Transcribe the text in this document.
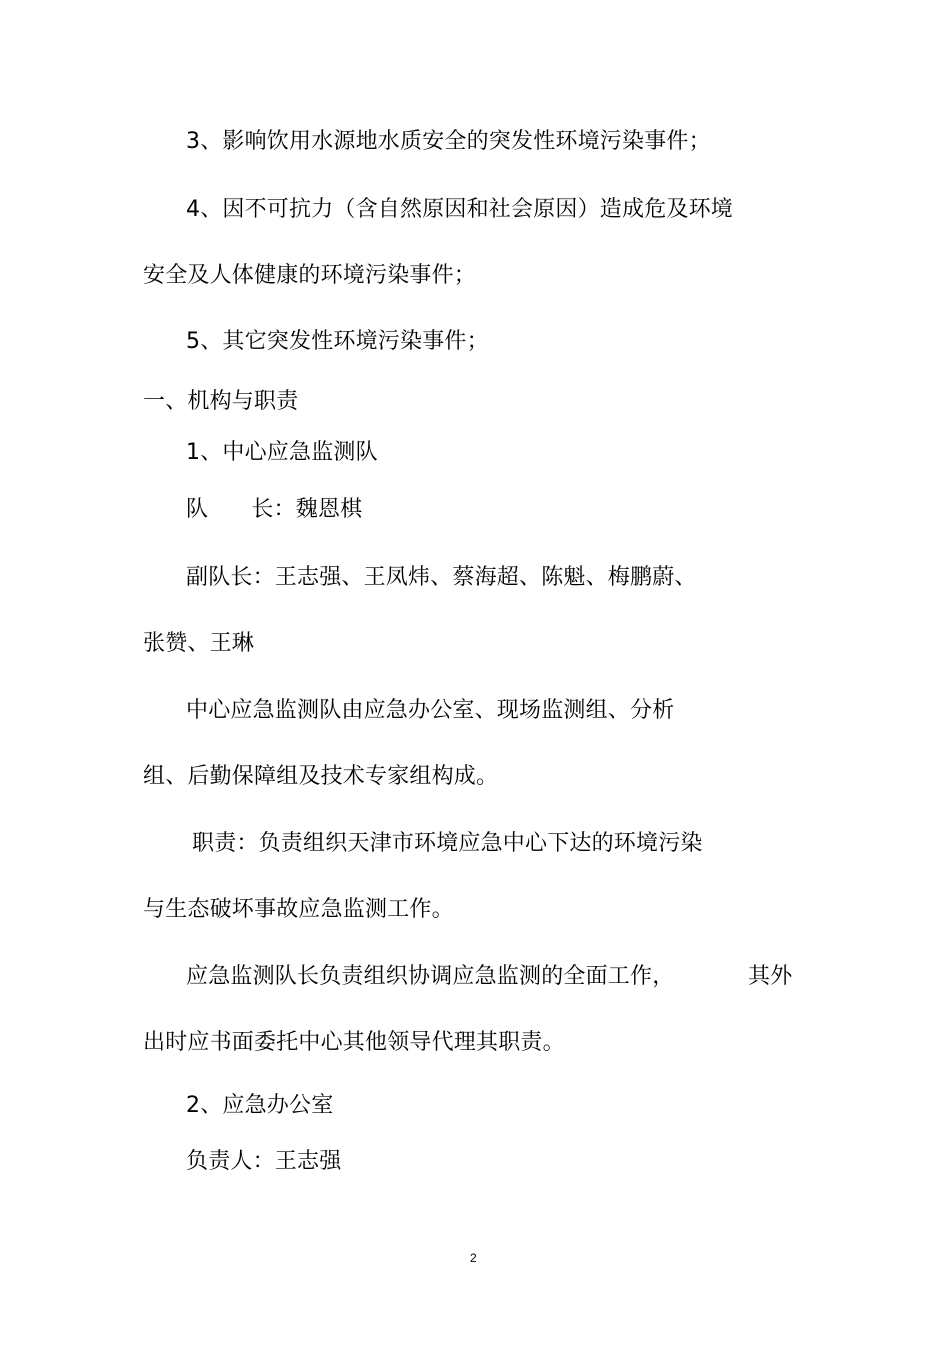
3、影响饮用水源地水质安全的突发性环境污染事件；
4、因不可抗力（含自然原因和社会原因）造成危及环境
安全及人体健康的环境污染事件；
5、其它突发性环境污染事件；
一、机构与职责
1、中心应急监测队
队      长：魏恩棋
副队长：王志强、王凤炜、蔡海超、陈魁、梅鹏蔚、
张赞、王琳
中心应急监测队由应急办公室、现场监测组、分析
组、后勤保障组及技术专家组构成。
职责：负责组织天津市环境应急中心下达的环境污染
与生态破坏事故应急监测工作。
应急监测队长负责组织协调应急监测的全面工作，	其外
出时应书面委托中心其他领导代理其职责。
2、应急办公室
负责人：王志强
2
